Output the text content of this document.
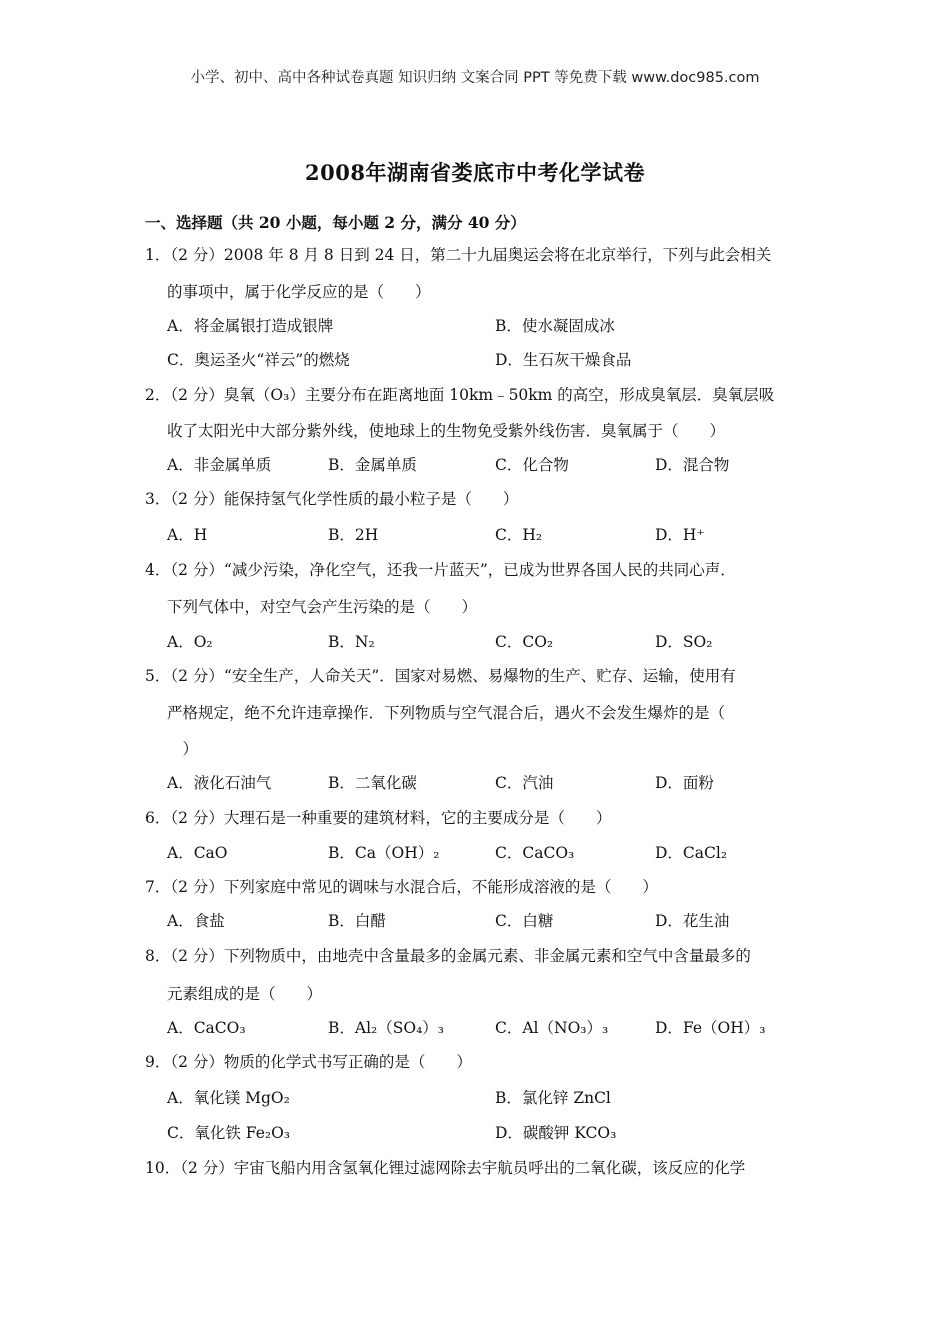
小学、初中、高中各种试卷真题 知识归纳 文案合同 PPT 等免费下载 www.doc985.com
2008年湖南省娄底市中考化学试卷
一、选择题（共 20 小题，每小题 2 分，满分 40 分）
1．（2 分）2008 年 8 月 8 日到 24 日，第二十九届奥运会将在北京举行，下列与此会相关
的事项中，属于化学反应的是（　　）
A．将金属银打造成银牌	B．使水凝固成冰
C．奥运圣火“祥云”的燃烧	D．生石灰干燥食品
2．（2 分）臭氧（O₃）主要分布在距离地面 10km﹣50km 的高空，形成臭氧层．臭氧层吸
收了太阳光中大部分紫外线，使地球上的生物免受紫外线伤害．臭氧属于（　　）
A．非金属单质	B．金属单质	C．化合物	D．混合物
3．（2 分）能保持氢气化学性质的最小粒子是（　　）
A．H	B．2H	C．H₂	D．H⁺
4．（2 分）“减少污染，净化空气，还我一片蓝天”，已成为世界各国人民的共同心声．
下列气体中，对空气会产生污染的是（　　）
A．O₂	B．N₂	C．CO₂	D．SO₂
5．（2 分）“安全生产，人命关天”．国家对易燃、易爆物的生产、贮存、运输，使用有
严格规定，绝不允许违章操作．下列物质与空气混合后，遇火不会发生爆炸的是（
　）
A．液化石油气	B．二氧化碳	C．汽油	D．面粉
6．（2 分）大理石是一种重要的建筑材料，它的主要成分是（　　）
A．CaO	B．Ca（OH）₂	C．CaCO₃	D．CaCl₂
7．（2 分）下列家庭中常见的调味与水混合后，不能形成溶液的是（　　）
A．食盐	B．白醋	C．白糖	D．花生油
8．（2 分）下列物质中，由地壳中含量最多的金属元素、非金属元素和空气中含量最多的
元素组成的是（　　）
A．CaCO₃	B．Al₂（SO₄）₃	C．Al（NO₃）₃	D．Fe（OH）₃
9．（2 分）物质的化学式书写正确的是（　　）
A．氧化镁 MgO₂	B．氯化锌 ZnCl
C．氧化铁 Fe₂O₃	D．碳酸钾 KCO₃
10．（2 分）宇宙飞船内用含氢氧化锂过滤网除去宇航员呼出的二氧化碳，该反应的化学
